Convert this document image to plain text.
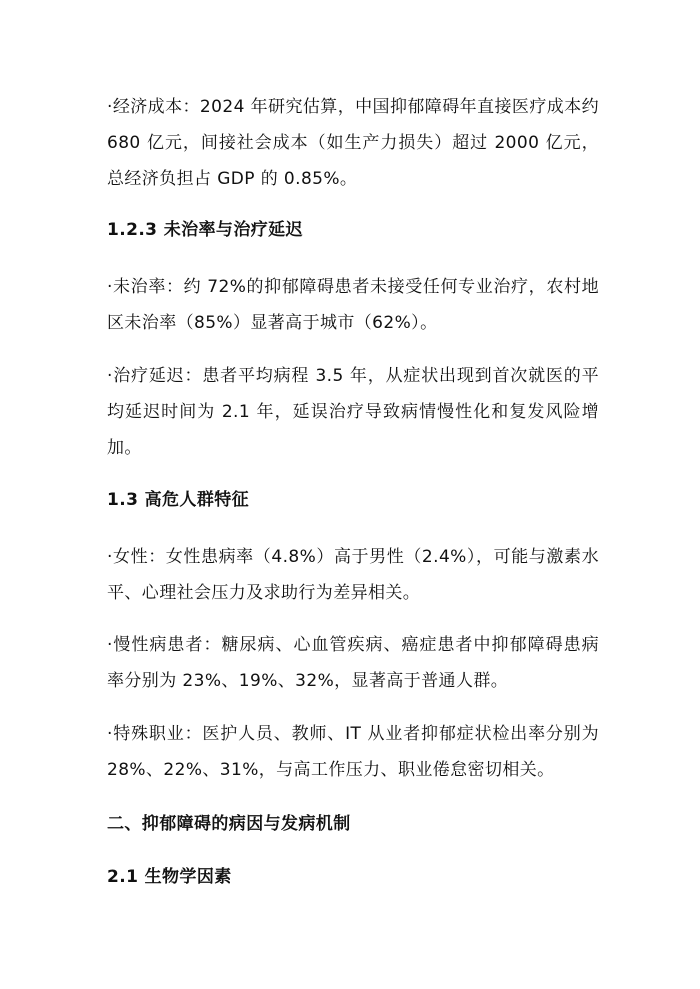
·经济成本：2024 年研究估算，中国抑郁障碍年直接医疗成本约 680 亿元，间接社会成本（如生产力损失）超过 2000 亿元，总经济负担占 GDP 的 0.85%。

1.2.3 未治率与治疗延迟

·未治率：约 72%的抑郁障碍患者未接受任何专业治疗，农村地区未治率（85%）显著高于城市（62%）。

·治疗延迟：患者平均病程 3.5 年，从症状出现到首次就医的平均延迟时间为 2.1 年，延误治疗导致病情慢性化和复发风险增加。

1.3 高危人群特征

·女性：女性患病率（4.8%）高于男性（2.4%），可能与激素水平、心理社会压力及求助行为差异相关。

·慢性病患者：糖尿病、心血管疾病、癌症患者中抑郁障碍患病率分别为 23%、19%、32%，显著高于普通人群。

·特殊职业：医护人员、教师、IT 从业者抑郁症状检出率分别为 28%、22%、31%，与高工作压力、职业倦怠密切相关。

二、抑郁障碍的病因与发病机制
2.1 生物学因素
